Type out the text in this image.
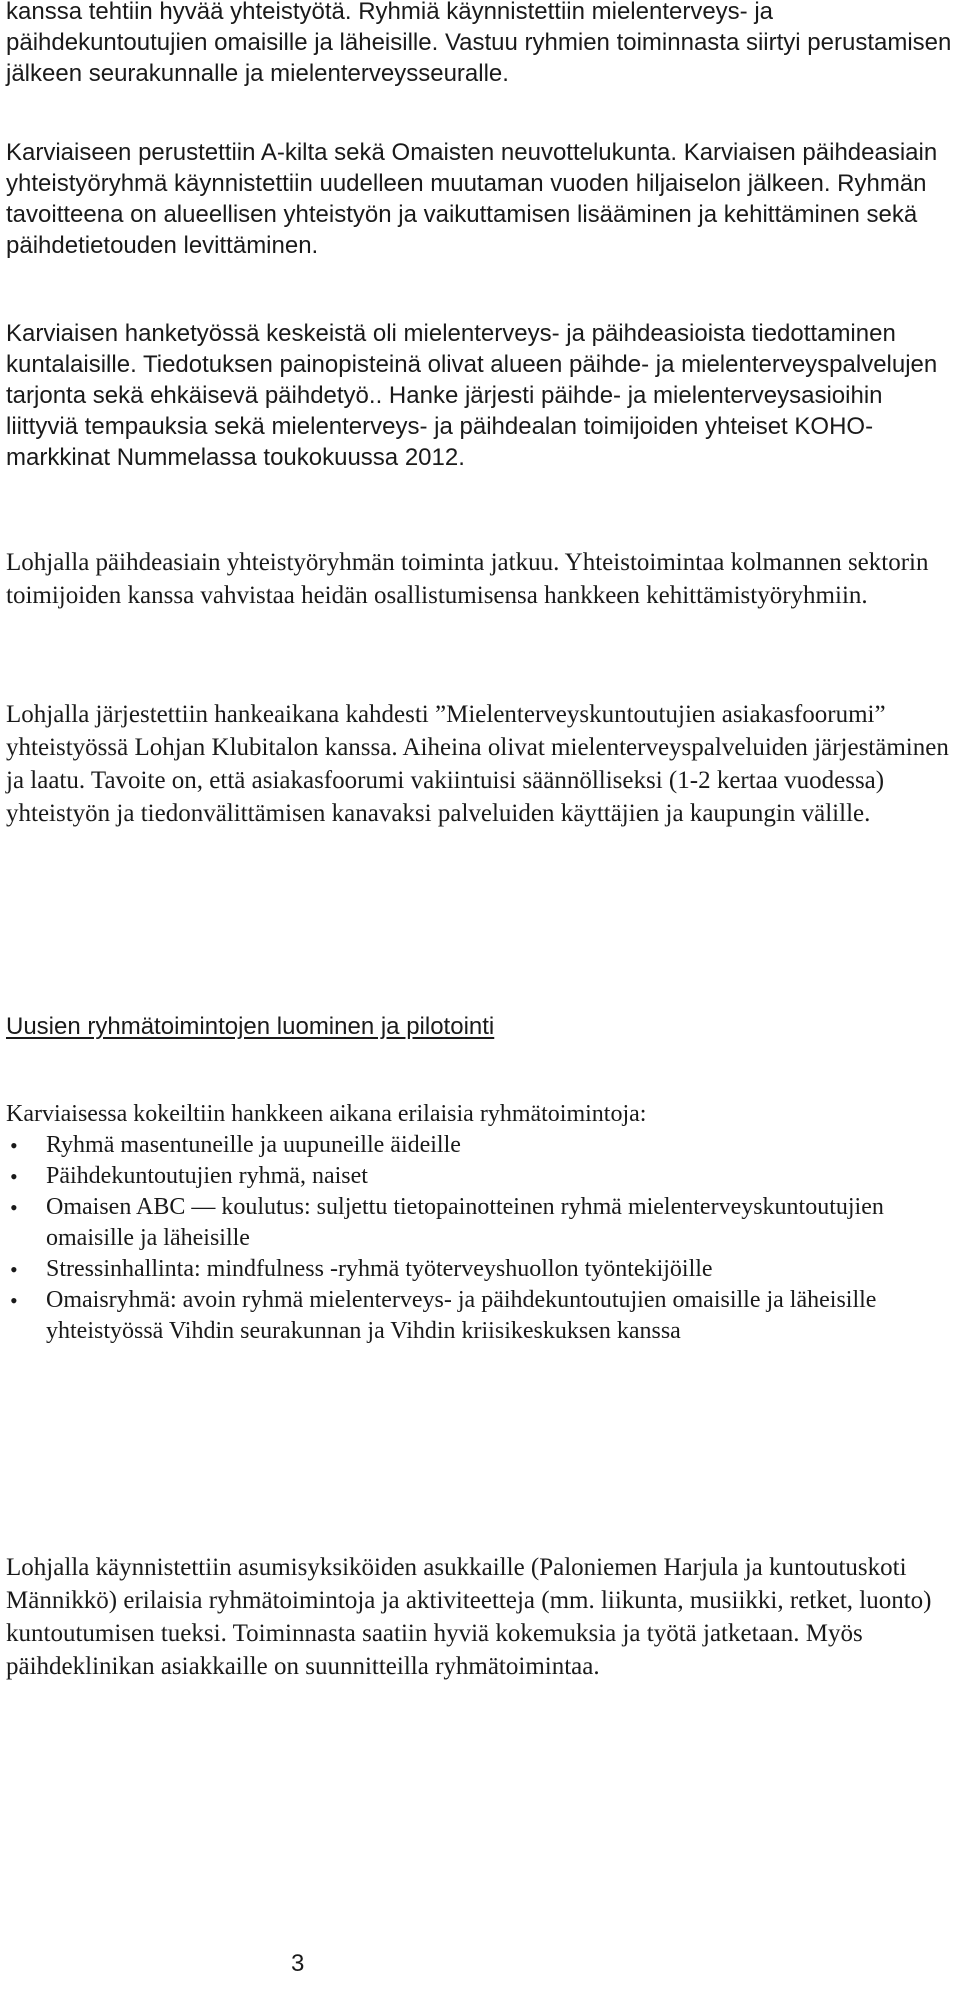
kanssa tehtiin hyvää yhteistyötä. Ryhmiä käynnistettiin mielenterveys- ja päihdekuntoutujien omaisille ja läheisille. Vastuu ryhmien toiminnasta siirtyi perustamisen jälkeen seurakunnalle ja mielenterveysseuralle.

Karviaiseen perustettiin A-kilta sekä Omaisten neuvottelukunta. Karviaisen päihdeasiain yhteistyöryhmä käynnistettiin uudelleen muutaman vuoden hiljaiselon jälkeen. Ryhmän tavoitteena on alueellisen yhteistyön ja vaikuttamisen lisääminen ja kehittäminen sekä päihdetietouden levittäminen.

Karviaisen hanketyössä keskeistä oli mielenterveys- ja päihdeasioista tiedottaminen kuntalaisille. Tiedotuksen painopisteinä olivat alueen päihde- ja mielenterveyspalvelujen tarjonta sekä ehkäisevä päihdetyö.. Hanke järjesti päihde- ja mielenterveysasioihin liittyviä tempauksia sekä mielenterveys- ja päihdealan toimijoiden yhteiset KOHO-markkinat Nummelassa toukokuussa 2012.

Lohjalla päihdeasiain yhteistyöryhmän toiminta jatkuu. Yhteistoimintaa kolmannen sektorin toimijoiden kanssa vahvistaa heidän osallistumisensa hankkeen kehittämistyöryhmiin.

Lohjalla järjestettiin hankeaikana kahdesti ”Mielenterveyskuntoutujien asiakasfoorumi” yhteistyössä Lohjan Klubitalon kanssa. Aiheina olivat mielenterveyspalveluiden järjestäminen ja laatu. Tavoite on, että asiakasfoorumi vakiintuisi säännölliseksi (1-2 kertaa vuodessa) yhteistyön ja tiedonvälittämisen kanavaksi palveluiden käyttäjien ja kaupungin välille.

Uusien ryhmätoimintojen luominen ja pilotointi

Karviaisessa kokeiltiin hankkeen aikana erilaisia ryhmätoimintoja:

• Ryhmä masentuneille ja uupuneille äideille
• Päihdekuntoutujien ryhmä, naiset
• Omaisen ABC — koulutus: suljettu tietopainotteinen ryhmä mielenterveyskuntoutujien omaisille ja läheisille
• Stressinhallinta: mindfulness -ryhmä työterveyshuollon työntekijöille
• Omaisryhmä: avoin ryhmä mielenterveys- ja päihdekuntoutujien omaisille ja läheisille yhteistyössä Vihdin seurakunnan ja Vihdin kriisikeskuksen kanssa

Lohjalla käynnistettiin asumisyksiköiden asukkaille (Paloniemen Harjula ja kuntoutuskoti Männikkö) erilaisia ryhmätoimintoja ja aktiviteetteja (mm. liikunta, musiikki, retket, luonto) kuntoutumisen tueksi. Toiminnasta saatiin hyviä kokemuksia ja työtä jatketaan. Myös päihdeklinikan asiakkaille on suunnitteilla ryhmätoimintaa.

3
